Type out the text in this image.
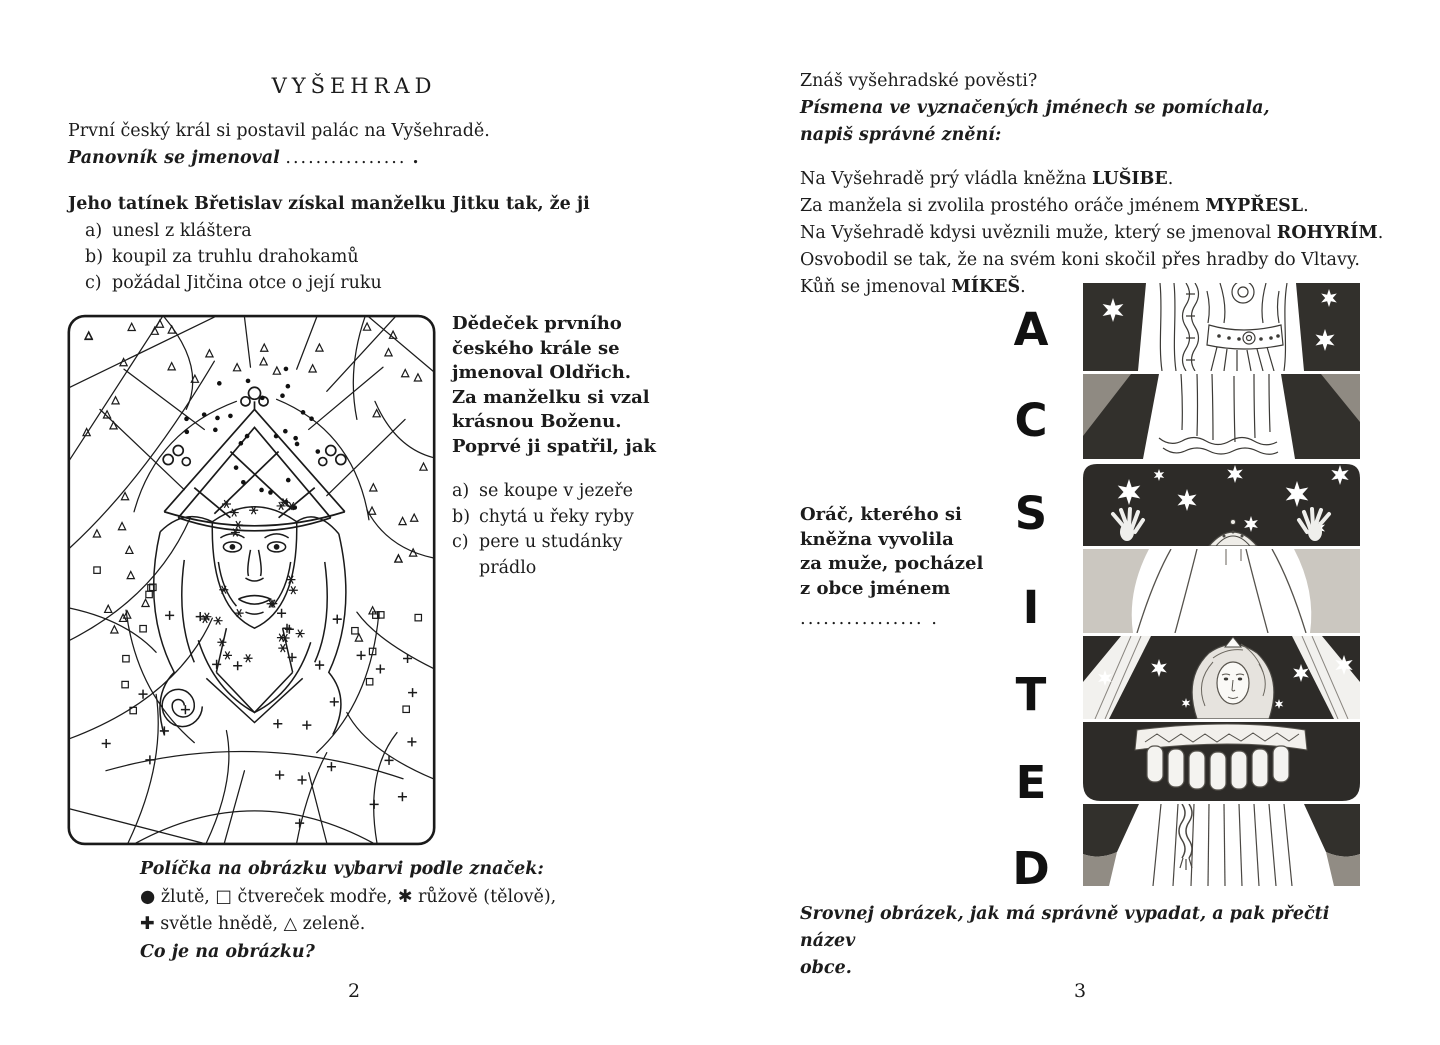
VYŠEHRAD
První český král si postavil palác na Vyšehradě.
Panovník se jmenoval ................ .
Jeho tatínek Břetislav získal manželku Jitku tak, že ji
a) unesl z kláštera
b) koupil za truhlu drahokamů
c) požádal Jitčina otce o její ruku
Dědeček prvního
českého krále se
jmenoval Oldřich.
Za manželku si vzal
krásnou Boženu.
Poprvé ji spatřil, jak
a) se koupe v jezeře
b) chytá u řeky ryby
c) pere u studánky
prádlo
Políčka na obrázku vybarvi podle značek:
● žlutě, □ čtvereček modře, ✱ růžově (tělově),
✚ světle hnědě, △ zeleně.
Co je na obrázku?
2
Znáš vyšehradské pověsti?
Písmena ve vyznačených jménech se pomíchala,
napiš správné znění:
Na Vyšehradě prý vládla kněžna LUŠIBE.
Za manžela si zvolila prostého oráče jménem MYPŘESL.
Na Vyšehradě kdysi uvěznili muže, který se jmenoval ROHYRÍM.
Osvobodil se tak, že na svém koni skočil přes hradby do Vltavy.
Kůň se jmenoval MÍKEŠ.
Oráč, kterého si
kněžna vyvolila
za muže, pocházel
z obce jménem
................ .
A
C
S
I
T
E
D
Srovnej obrázek, jak má správně vypadat, a pak přečti název
obce.
3
